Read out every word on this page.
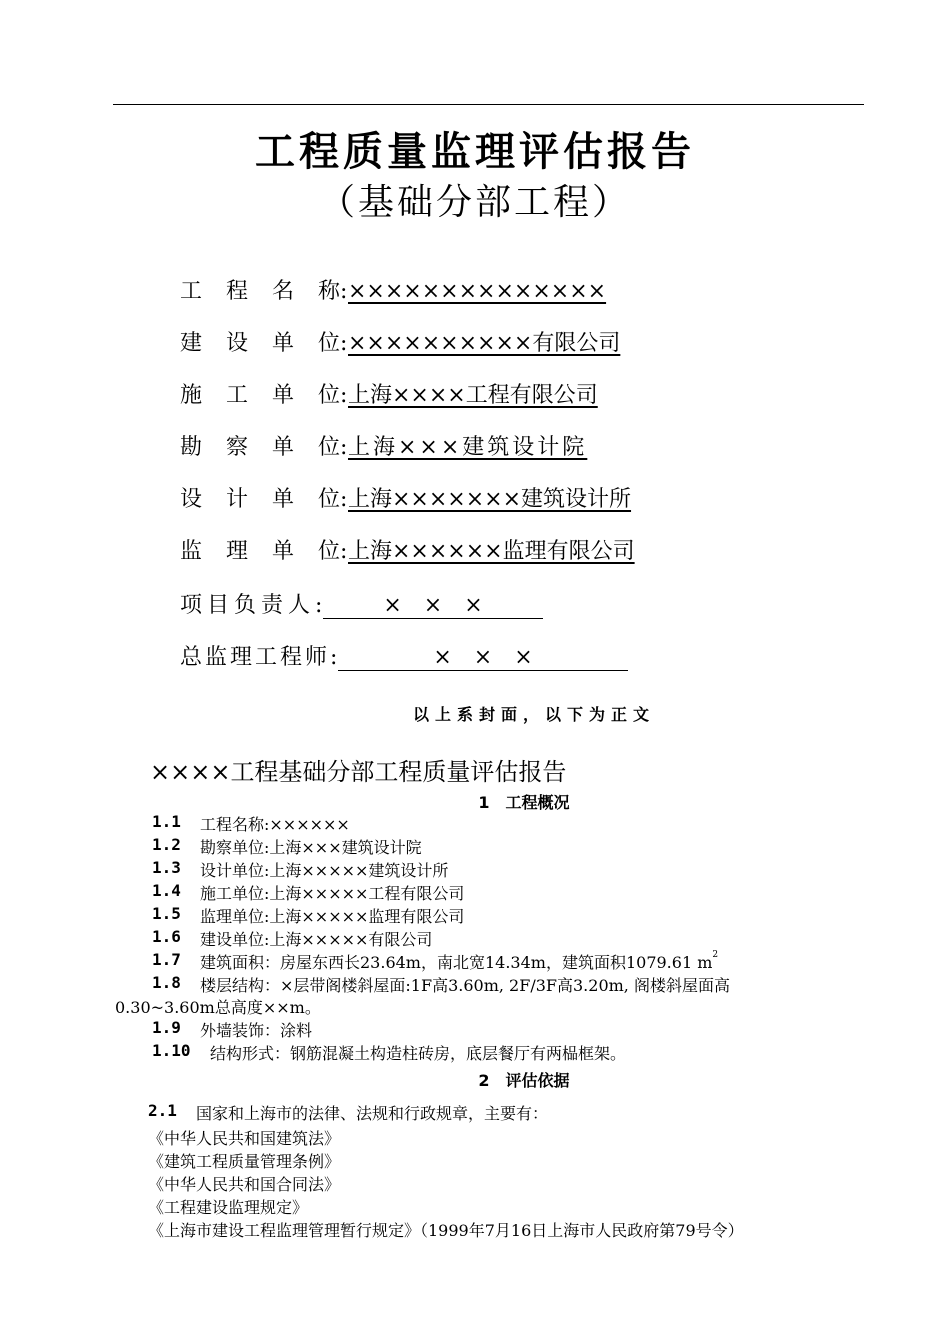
工程质量监理评估报告
（基础分部工程）
工程名称 : ××××××××××××××
建设单位 : ××××××××××有限公司
施工单位 : 上海××××工程有限公司
勘察单位 : 上海×××建筑设计院
设计单位 : 上海×××××××建筑设计所
监理单位 : 上海××××××监理有限公司
项目负责人 :	×　×　×
总监理工程师 :	×　×　×
以上系封面，以下为正文
××××工程基础分部工程质量评估报告
1　工程概况
1.1	工程名称:××××××
1.2	勘察单位:上海×××建筑设计院
1.3	设计单位:上海×××××建筑设计所
1.4	施工单位:上海×××××工程有限公司
1.5	监理单位:上海×××××监理有限公司
1.6	建设单位:上海×××××有限公司
1.7	建筑面积：房屋东西长23.64m，南北宽14.34m，建筑面积1079.61 m 2
1.8	楼层结构：×层带阁楼斜屋面:1F高3.60m, 2F/3F高3.20m, 阁楼斜屋面高
0.30~3.60m总高度××m。
1.9	外墙装饰：涂料
1.10	结构形式：钢筋混凝土构造柱砖房，底层餐厅有两榀框架。
2　评估依据
2.1	国家和上海市的法律、法规和行政规章，主要有：
《中华人民共和国建筑法》
《建筑工程质量管理条例》
《中华人民共和国合同法》
《工程建设监理规定》
《上海市建设工程监理管理暂行规定》（1999年7月16日上海市人民政府第79号令）
